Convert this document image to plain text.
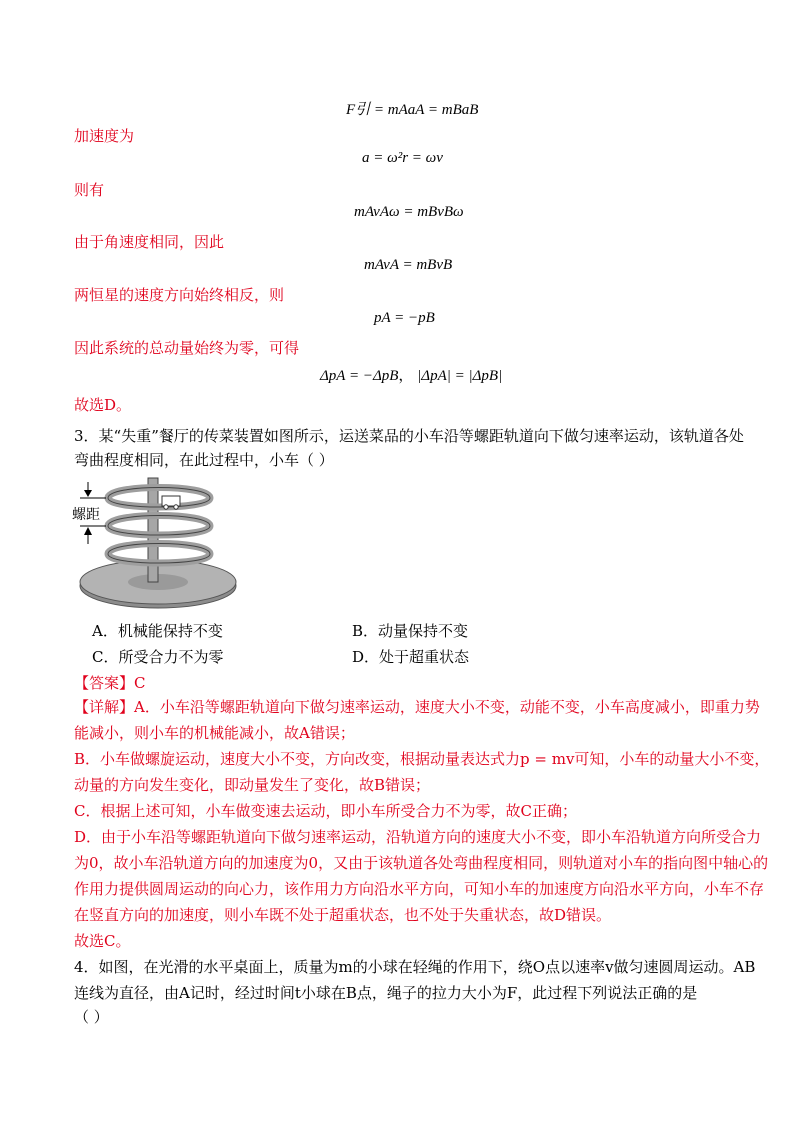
F引 = mAaA = mBaB
加速度为
a = ω²r = ωv
则有
mAvAω = mBvBω
由于角速度相同，因此
mAvA = mBvB
两恒星的速度方向始终相反，则
pA = −pB
因此系统的总动量始终为零，可得
ΔpA = −ΔpB， |ΔpA| = |ΔpB|
故选D。
3．某“失重”餐厅的传菜装置如图所示，运送菜品的小车沿等螺距轨道向下做匀速率运动，该轨道各处
弯曲程度相同，在此过程中，小车（ ）
螺距
A．机械能保持不变	B．动量保持不变
C．所受合力不为零	D．处于超重状态
【答案】C
【详解】A．小车沿等螺距轨道向下做匀速率运动，速度大小不变，动能不变，小车高度减小，即重力势
能减小，则小车的机械能减小，故A错误；
B．小车做螺旋运动，速度大小不变，方向改变，根据动量表达式力p = mv可知，小车的动量大小不变，
动量的方向发生变化，即动量发生了变化，故B错误；
C．根据上述可知，小车做变速去运动，即小车所受合力不为零，故C正确；
D．由于小车沿等螺距轨道向下做匀速率运动，沿轨道方向的速度大小不变，即小车沿轨道方向所受合力
为0，故小车沿轨道方向的加速度为0，又由于该轨道各处弯曲程度相同，则轨道对小车的指向图中轴心的
作用力提供圆周运动的向心力，该作用力方向沿水平方向，可知小车的加速度方向沿水平方向，小车不存
在竖直方向的加速度，则小车既不处于超重状态，也不处于失重状态，故D错误。
故选C。
4．如图，在光滑的水平桌面上，质量为m的小球在轻绳的作用下，绕O点以速率v做匀速圆周运动。AB
连线为直径，由A记时，经过时间t小球在B点，绳子的拉力大小为F，此过程下列说法正确的是
（ ）
